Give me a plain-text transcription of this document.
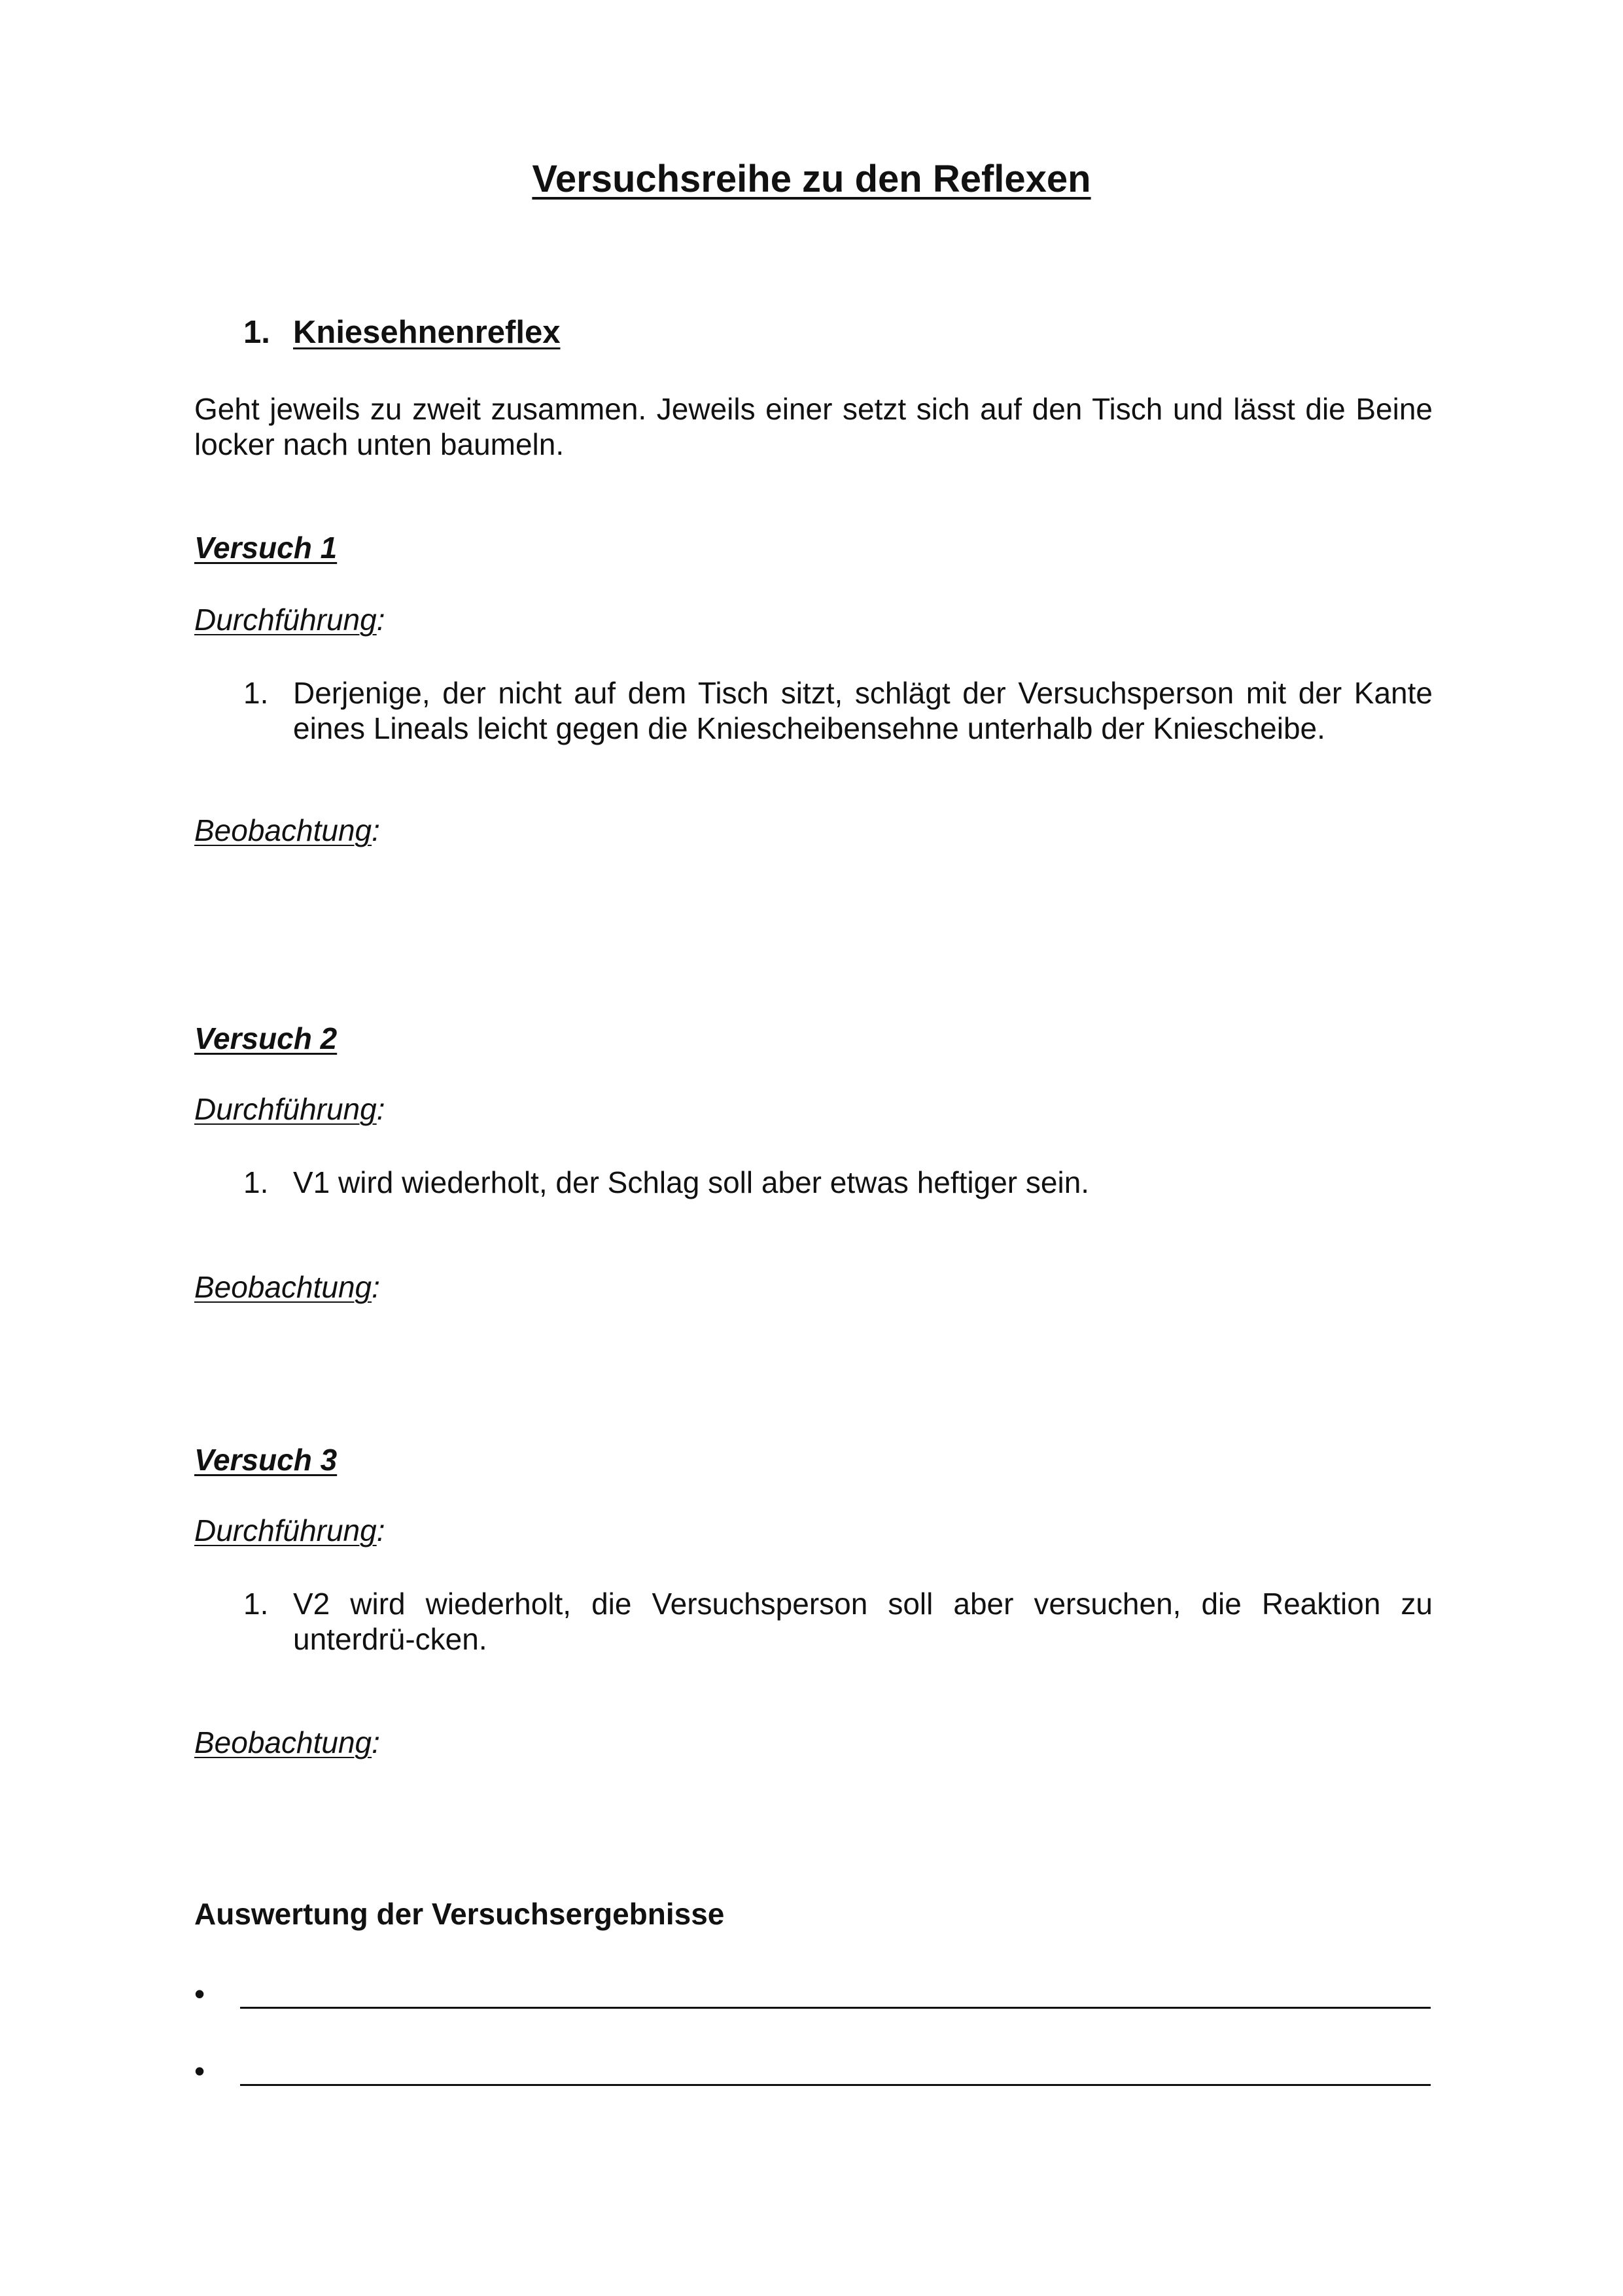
Versuchsreihe zu den Reflexen
1. Kniesehnenreflex
Geht jeweils zu zweit zusammen. Jeweils einer setzt sich auf den Tisch und lässt die Beine locker nach unten baumeln.
Versuch 1
Durchführung:
1. Derjenige, der nicht auf dem Tisch sitzt, schlägt der Versuchsperson mit der Kante eines Lineals leicht gegen die Kniescheibensehne unterhalb der Kniescheibe.
Beobachtung:
Versuch 2
Durchführung:
1. V1 wird wiederholt, der Schlag soll aber etwas heftiger sein.
Beobachtung:
Versuch 3
Durchführung:
1. V2 wird wiederholt, die Versuchsperson soll aber versuchen, die Reaktion zu unterdrü-cken.
Beobachtung:
Auswertung der Versuchsergebnisse
•
•
